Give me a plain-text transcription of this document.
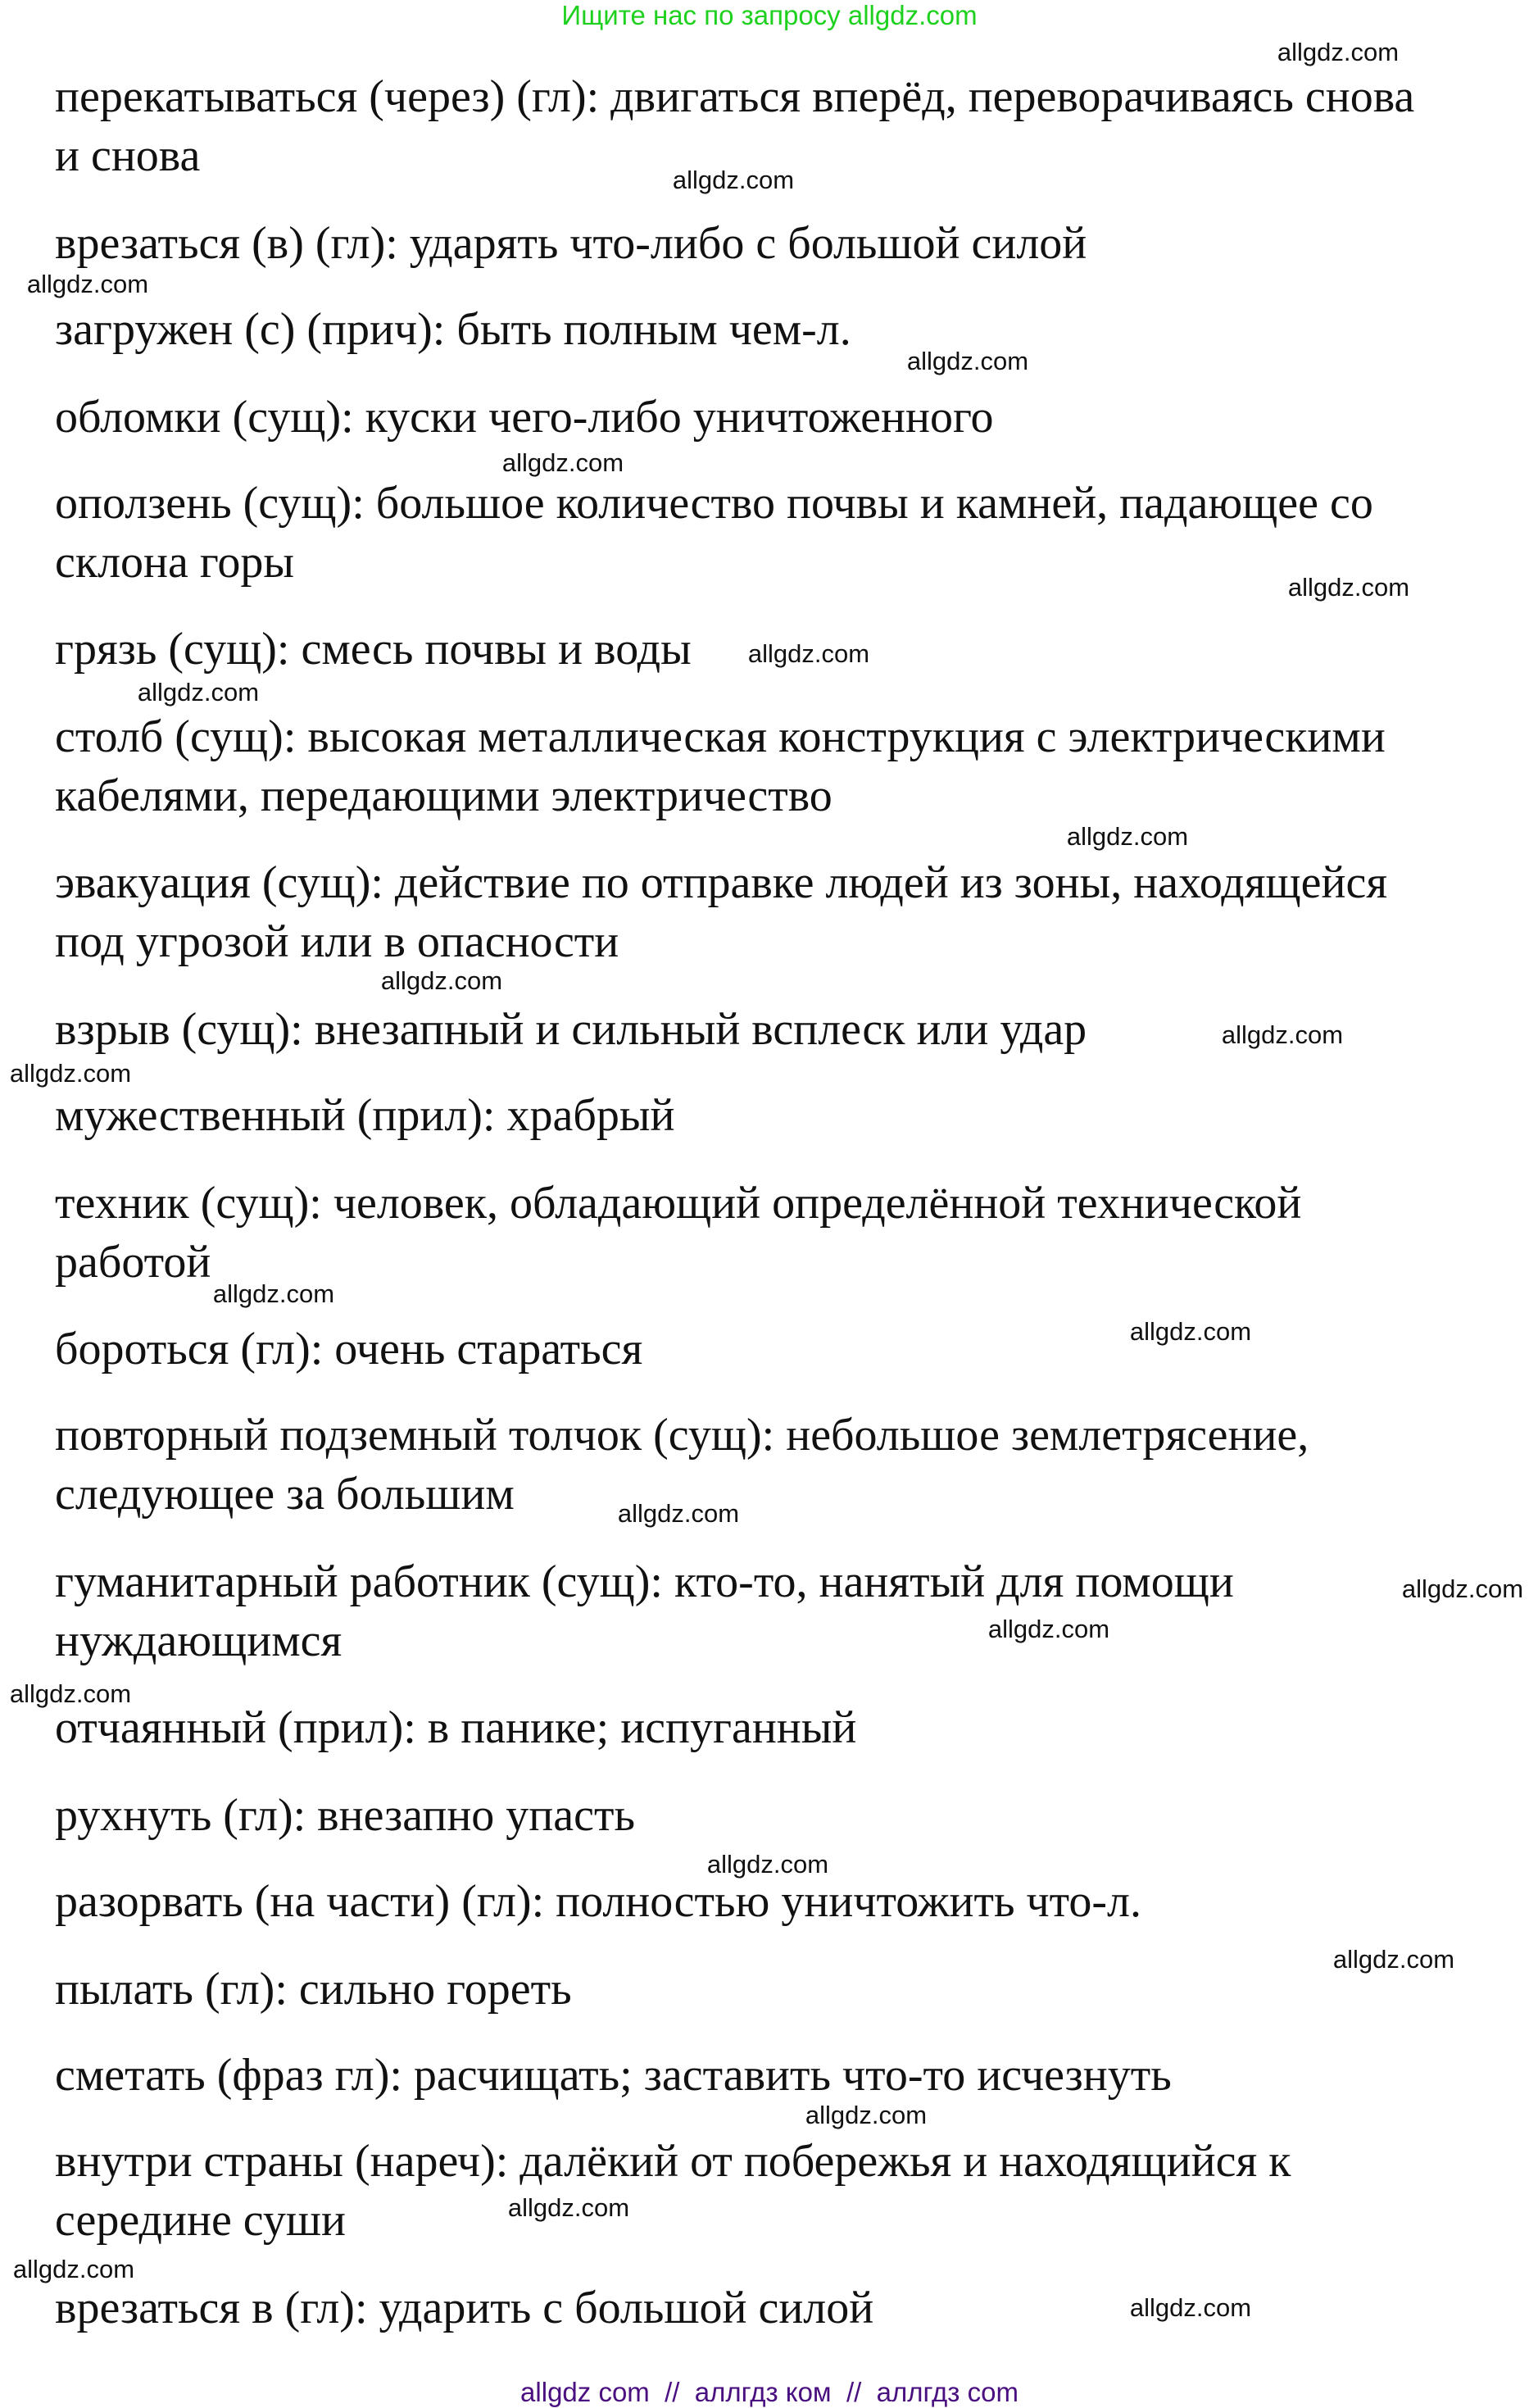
Ищите нас по запросу allgdz.com
перекатываться (через) (гл): двигаться вперёд, переворачиваясь снова
и снова
врезаться (в) (гл): ударять что-либо с большой силой
загружен (с) (прич): быть полным чем-л.
обломки (сущ): куски чего-либо уничтоженного
оползень (сущ): большое количество почвы и камней, падающее со
склона горы
грязь (сущ): смесь почвы и воды
столб (сущ): высокая металлическая конструкция с электрическими
кабелями, передающими электричество
эвакуация (сущ): действие по отправке людей из зоны, находящейся
под угрозой или в опасности
взрыв (сущ): внезапный и сильный всплеск или удар
мужественный (прил): храбрый
техник (сущ): человек, обладающий определённой технической
работой
бороться (гл): очень стараться
повторный подземный толчок (сущ): небольшое землетрясение,
следующее за большим
гуманитарный работник (сущ): кто-то, нанятый для помощи
нуждающимся
отчаянный (прил): в панике; испуганный
рухнуть (гл): внезапно упасть
разорвать (на части) (гл): полностью уничтожить что-л.
пылать (гл): сильно гореть
сметать (фраз гл): расчищать; заставить что-то исчезнуть
внутри страны (нареч): далёкий от побережья и находящийся к
середине суши
врезаться в (гл): ударить с большой силой
allgdz.com
allgdz.com
allgdz.com
allgdz.com
allgdz.com
allgdz.com
allgdz.com
allgdz.com
allgdz.com
allgdz.com
allgdz.com
allgdz.com
allgdz.com
allgdz.com
allgdz.com
allgdz.com
allgdz.com
allgdz.com
allgdz.com
allgdz.com
allgdz.com
allgdz.com
allgdz.com
allgdz.com
allgdz com  //  аллгдз ком  //  аллгдз com
